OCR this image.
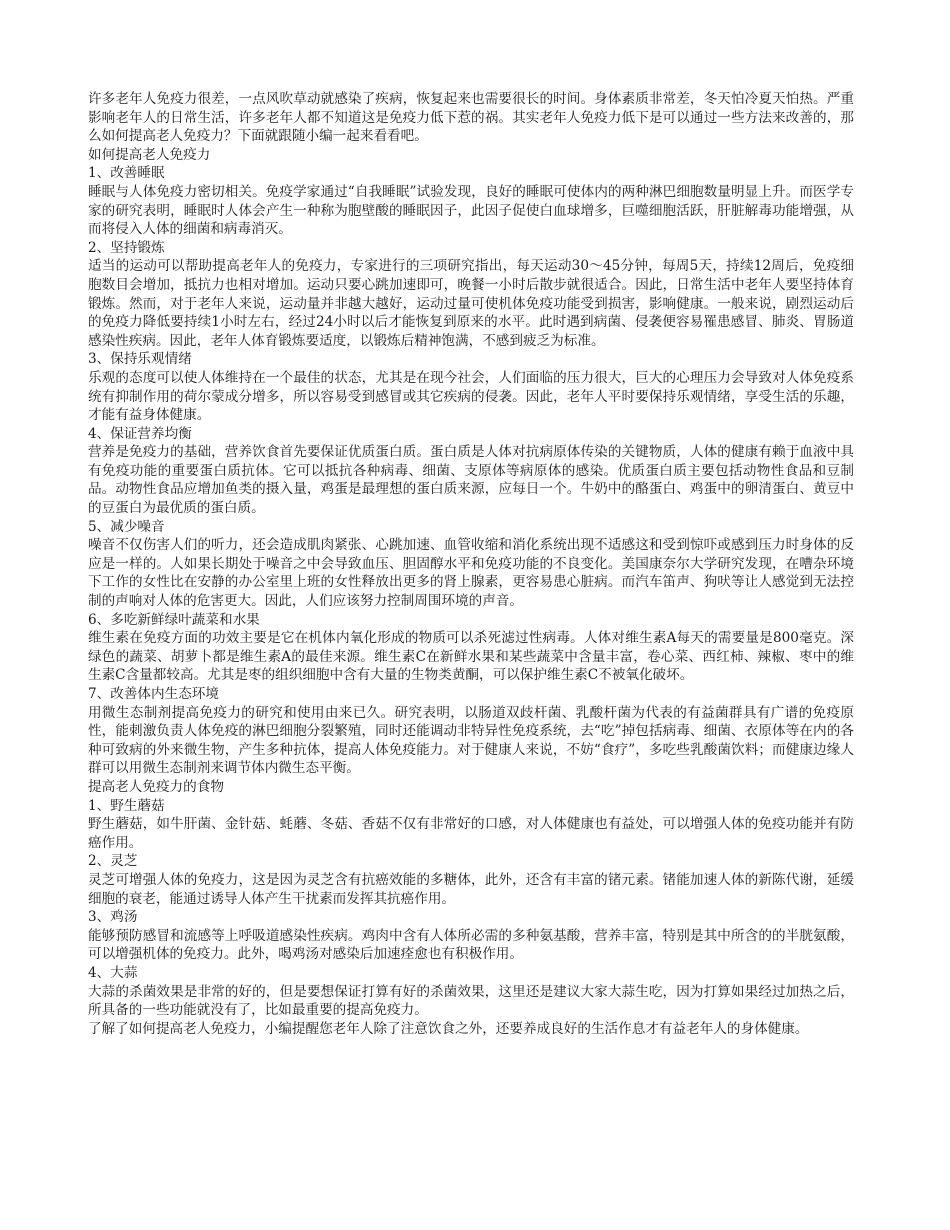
许多老年人免疫力很差，一点风吹草动就感染了疾病，恢复起来也需要很长的时间。身体素质非常差，冬天怕冷夏天怕热。严重影响老年人的日常生活，许多老年人都不知道这是免疫力低下惹的祸。其实老年人免疫力低下是可以通过一些方法来改善的，那么如何提高老人免疫力？下面就跟随小编一起来看看吧。

如何提高老人免疫力

1、改善睡眠

睡眠与人体免疫力密切相关。免疫学家通过“自我睡眠”试验发现，良好的睡眠可使体内的两种淋巴细胞数量明显上升。而医学专家的研究表明，睡眠时人体会产生一种称为胞壁酸的睡眠因子，此因子促使白血球增多，巨噬细胞活跃，肝脏解毒功能增强，从而将侵入人体的细菌和病毒消灭。

2、坚持锻炼

适当的运动可以帮助提高老年人的免疫力，专家进行的三项研究指出，每天运动30～45分钟，每周5天，持续12周后，免疫细胞数目会增加，抵抗力也相对增加。运动只要心跳加速即可，晚餐一小时后散步就很适合。因此，日常生活中老年人要坚持体育锻炼。然而，对于老年人来说，运动量并非越大越好，运动过量可使机体免疫功能受到损害，影响健康。一般来说，剧烈运动后的免疫力降低要持续1小时左右，经过24小时以后才能恢复到原来的水平。此时遇到病菌、侵袭便容易罹患感冒、肺炎、胃肠道感染性疾病。因此，老年人体育锻炼要适度，以锻炼后精神饱满，不感到疲乏为标准。

3、保持乐观情绪

乐观的态度可以使人体维持在一个最佳的状态，尤其是在现今社会，人们面临的压力很大，巨大的心理压力会导致对人体免疫系统有抑制作用的荷尔蒙成分增多，所以容易受到感冒或其它疾病的侵袭。因此，老年人平时要保持乐观情绪，享受生活的乐趣，才能有益身体健康。

4、保证营养均衡

营养是免疫力的基础，营养饮食首先要保证优质蛋白质。蛋白质是人体对抗病原体传染的关键物质，人体的健康有赖于血液中具有免疫功能的重要蛋白质抗体。它可以抵抗各种病毒、细菌、支原体等病原体的感染。优质蛋白质主要包括动物性食品和豆制品。动物性食品应增加鱼类的摄入量，鸡蛋是最理想的蛋白质来源，应每日一个。牛奶中的酪蛋白、鸡蛋中的卵清蛋白、黄豆中的豆蛋白为最优质的蛋白质。

5、减少噪音

噪音不仅伤害人们的听力，还会造成肌肉紧张、心跳加速、血管收缩和消化系统出现不适感这和受到惊吓或感到压力时身体的反应是一样的。人如果长期处于噪音之中会导致血压、胆固醇水平和免疫功能的不良变化。美国康奈尔大学研究发现，在嘈杂环境下工作的女性比在安静的办公室里上班的女性释放出更多的肾上腺素，更容易患心脏病。而汽车笛声、狗吠等让人感觉到无法控制的声响对人体的危害更大。因此，人们应该努力控制周围环境的声音。

6、多吃新鲜绿叶蔬菜和水果

维生素在免疫方面的功效主要是它在机体内氧化形成的物质可以杀死滤过性病毒。人体对维生素A每天的需要量是800毫克。深绿色的蔬菜、胡萝卜都是维生素A的最佳来源。维生素C在新鲜水果和某些蔬菜中含量丰富，卷心菜、西红柿、辣椒、枣中的维生素C含量都较高。尤其是枣的组织细胞中含有大量的生物类黄酮，可以保护维生素C不被氧化破坏。

7、改善体内生态环境

用微生态制剂提高免疫力的研究和使用由来已久。研究表明，以肠道双歧杆菌、乳酸杆菌为代表的有益菌群具有广谱的免疫原性，能刺激负责人体免疫的淋巴细胞分裂繁殖，同时还能调动非特异性免疫系统，去“吃”掉包括病毒、细菌、衣原体等在内的各种可致病的外来微生物，产生多种抗体，提高人体免疫能力。对于健康人来说，不妨“食疗”，多吃些乳酸菌饮料；而健康边缘人群可以用微生态制剂来调节体内微生态平衡。

提高老人免疫力的食物

1、野生蘑菇

野生蘑菇，如牛肝菌、金针菇、蚝蘑、冬菇、香菇不仅有非常好的口感，对人体健康也有益处，可以增强人体的免疫功能并有防癌作用。

2、灵芝

灵芝可增强人体的免疫力，这是因为灵芝含有抗癌效能的多糖体，此外，还含有丰富的锗元素。锗能加速人体的新陈代谢，延缓细胞的衰老，能通过诱导人体产生干扰素而发挥其抗癌作用。

3、鸡汤

能够预防感冒和流感等上呼吸道感染性疾病。鸡肉中含有人体所必需的多种氨基酸，营养丰富，特别是其中所含的的半胱氨酸，可以增强机体的免疫力。此外，喝鸡汤对感染后加速痊愈也有积极作用。

4、大蒜

大蒜的杀菌效果是非常的好的，但是要想保证打算有好的杀菌效果，这里还是建议大家大蒜生吃，因为打算如果经过加热之后，所具备的一些功能就没有了，比如最重要的提高免疫力。

了解了如何提高老人免疫力，小编提醒您老年人除了注意饮食之外，还要养成良好的生活作息才有益老年人的身体健康。
